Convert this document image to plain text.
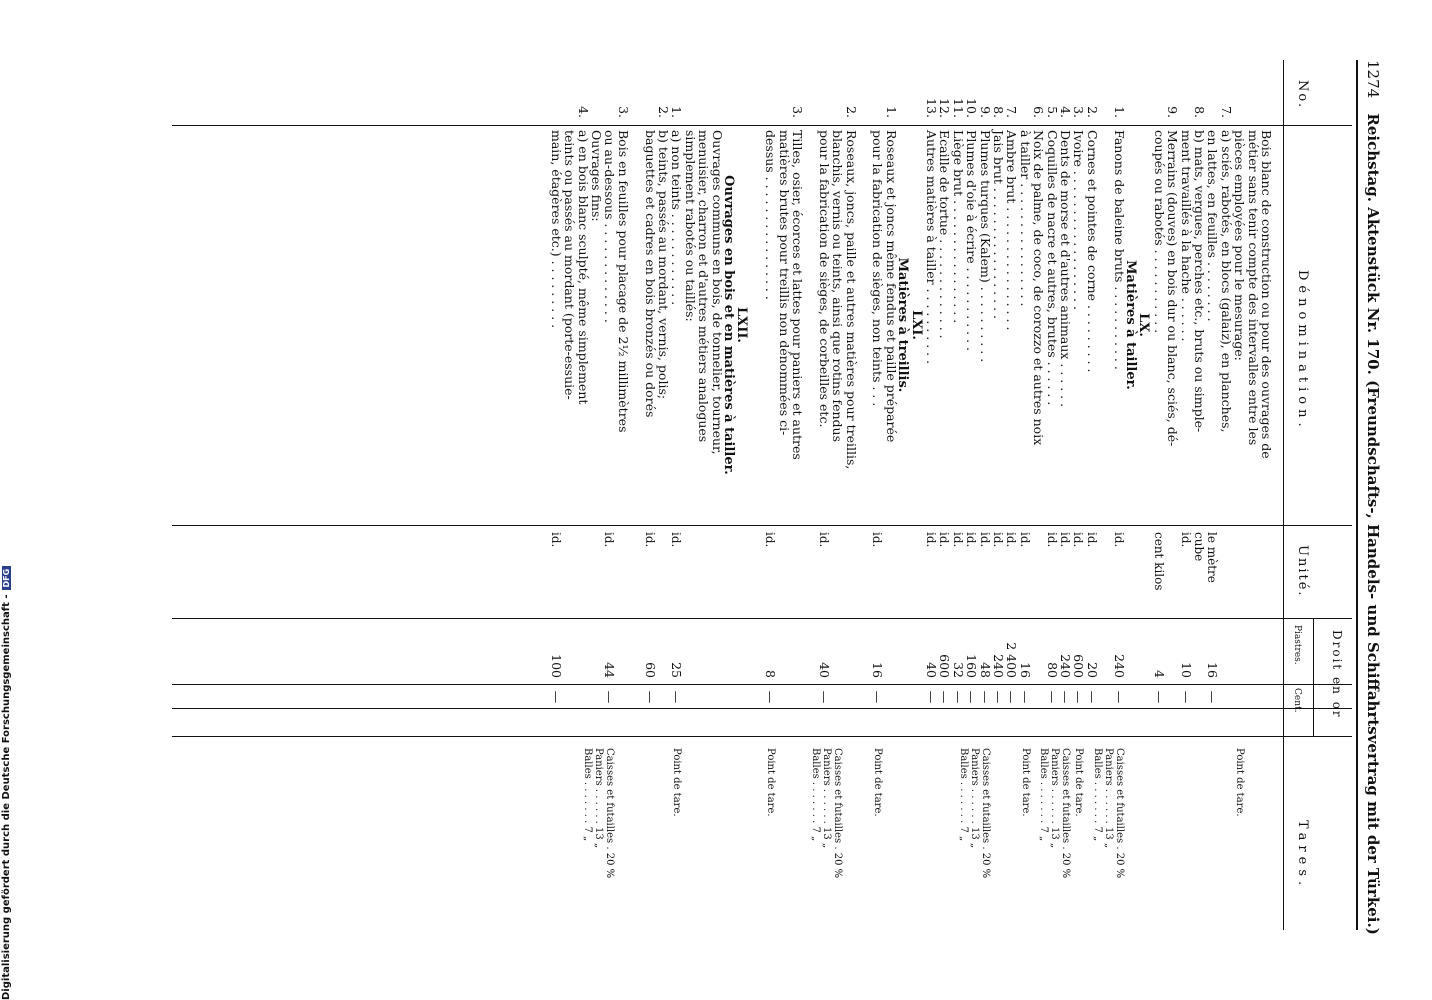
1274 Reichstag. Aktenstück Nr. 170. (Freundschafts-, Handels- und Schiffahrtsvertrag mit der Türkei.)
No.
Dénomination.
Unité.
Droit en or
Piastres.
Cent.
Tares.
Bois blanc de construction ou pour des ouvrages de
métier sans tenir compte des intervalles entre les
pièces employées pour le mesurage:
7.
a) sciés, rabotés, en blocs (galaiz), en planches,
en lattes, en feuilles . . . . . . . .
le mètre
16
—
8.
b) mats, vergues, perches etc., bruts ou simple-
cube
ment travaillés à la hache . . . . . .
id.
10
—
9.
Merrains (douves) en bois dur ou blanc, sciés, dé-
coupés ou rabotés . . . . . . . . . . .
cent kilos
4
—
LX.
Matières à tailler.
1.
Fanons de baleine bruts . . . . . . . . . . .
id.
240
—
2.
Cornes et pointes de corne . . . . . . . . .
id.
20
—
3.
Ivoire . . . . . . . . . . . . . . . . . .
id.
600
—
4.
Dents de morse et d'autres animaux . . . . . .
id.
240
—
5.
Coquilles de nacre et autres, brutes . . . . . .
id.
80
—
6.
Noix de palme, de coco, de corozzo et autres noix
à tailler . . . . . . . . . . . . . . . .
id.
16
—
7.
Ambre brut . . . . . . . . . . . . . . . .
id.
2 400
—
8.
Jais brut . . . . . . . . . . . . . . . . .
id.
240
—
9.
Plumes turques (Kalem) . . . . . . . . . .
id.
48
—
10.
Plumes d'oie à écrire . . . . . . . . . . .
id.
160
—
11.
Liège brut . . . . . . . . . . . . . . . .
id.
32
—
12.
Ecaille de tortue . . . . . . . . . . . . .
id.
600
—
13.
Autres matières à tailler . . . . . . . . . .
id.
40
—
LXI.
Matières à treillis.
1.
Roseaux et joncs même fendus et paille préparée
pour la fabrication de sièges, non teints . . .
id.
16
—
2.
Roseaux, joncs, paille et autres matières pour treillis,
blanchis, vernis ou teints, ainsi que rotins fendus
pour la fabrication de sièges, de corbeilles etc.
id.
40
—
3.
Tilles, osier, écorces et lattes pour paniers et autres
matières brutes pour treillis non dénommées ci-
dessus . . . . . . . . . . . . . . . .
id.
8
—
LXII.
Ouvrages en bois et en matières à tailler.
Ouvrages communs en bois, de tonnelier, tourneur,
menuisier, charron et d'autres métiers analogues
simplement rabotés ou taillés:
1.
a) non teints . . . . . . . . . . . .
id.
25
—
2.
b) teints, passés au mordant, vernis, polis;
baguettes et cadres en bois bronzés ou dorés
id.
60
—
3.
Bois en feuilles pour placage de 2½ millimètres
ou au-dessous . . . . . . . . . . . . .
id.
44
—
Ouvrages fins:
4.
a) en bois blanc sculpté, même simplement
teints ou passés au mordant (porte-essuie-
main, étagères etc.) . . . . . . . . .
id.
100
—
Point de tare.
Caisses et futailles . 20 %
Paniers . . . . . . 13 „
Balles . . . . . . . 7 „
Point de tare.
Caisses et futailles . 20 %
Paniers . . . . . . 13 „
Balles . . . . . . . 7 „
Point de tare.
Caisses et futailles . 20 %
Paniers . . . . . . 13 „
Balles . . . . . . . 7 „
Point de tare.
Caisses et futailles . 20 %
Paniers . . . . . . 13 „
Balles . . . . . . . 7 „
Point de tare.
Point de tare.
Caisses et futailles . 20 %
Paniers . . . . . . 13 „
Balles . . . . . . . 7 „
Digitalisierung gefördert durch die Deutsche Forschungsgemeinschaft -DFG
